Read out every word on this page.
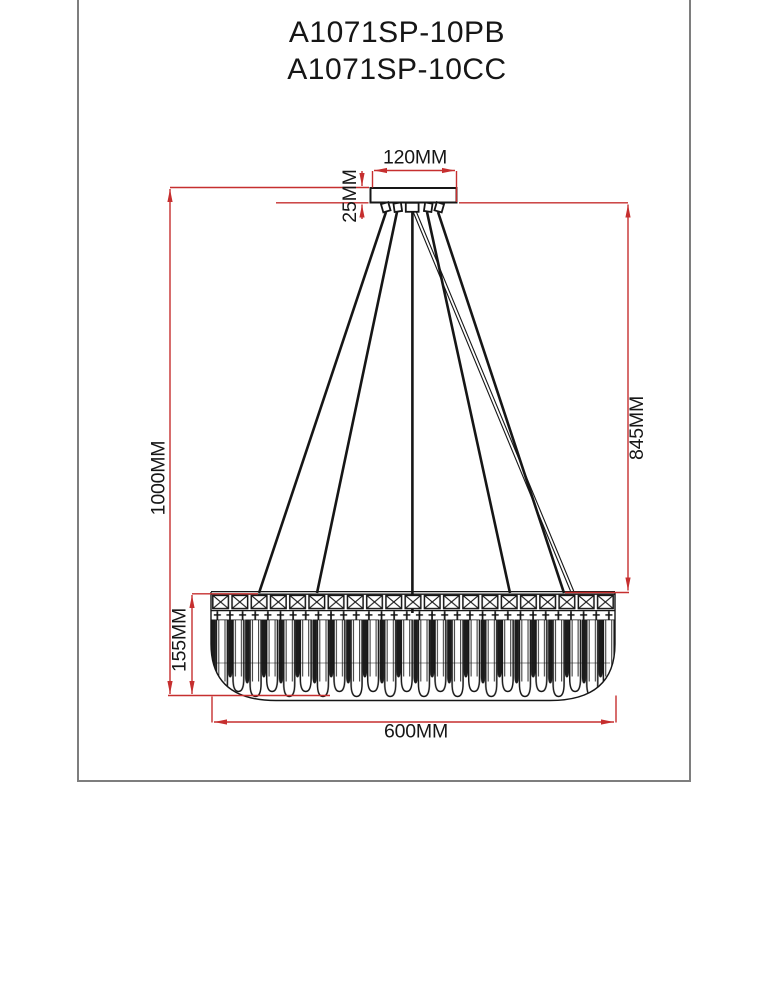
A1071SP-10PB
A1071SP-10CC
120MM
25MM
1000MM
845MM
155MM
600MM
